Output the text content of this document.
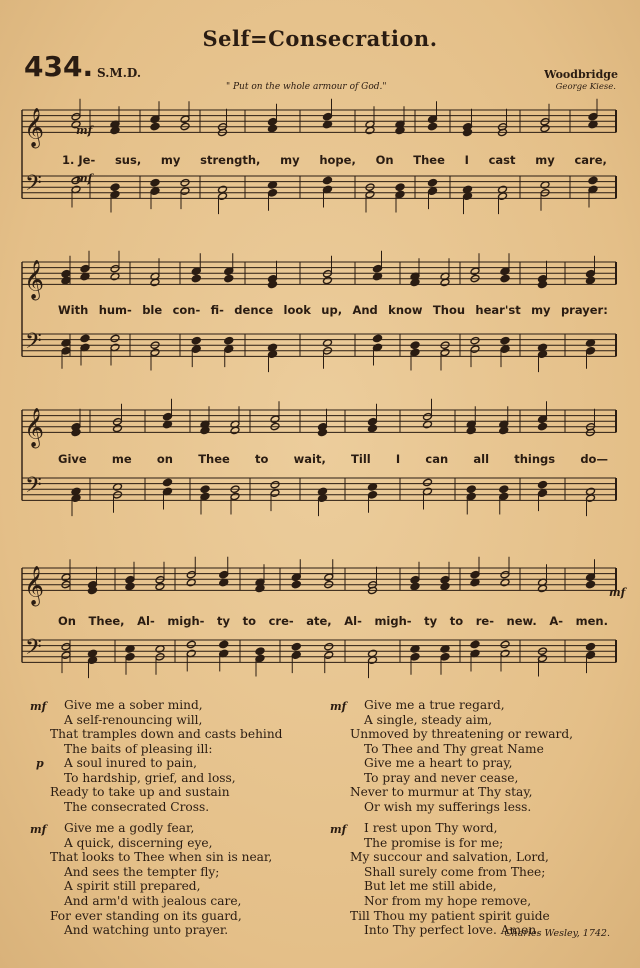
Self=Consecration.
434. S.M.D.
" Put on the whole armour of God."
Woodbridge
George Kiese.
𝄞
𝄢
𝄞
𝄢
𝄞
𝄢
𝄞
𝄢
1. Je- sus, my strength, my hope, On Thee I cast my care,
With hum- ble con- fi- dence look up, And know Thou hear'st my prayer:
Give me on Thee to wait, Till I can all things do—
On Thee, Al- migh- ty to cre- ate, Al- migh- ty to re- new. A- men.
mf
mf
mf
mf	Give me a sober mind,
A self-renouncing will,
That tramples down and casts behind
The baits of pleasing ill:
p	A soul inured to pain,
To hardship, grief, and loss,
Ready to take up and sustain
The consecrated Cross.
mf	Give me a true regard,
A single, steady aim,
Unmoved by threatening or reward,
To Thee and Thy great Name
Give me a heart to pray,
To pray and never cease,
Never to murmur at Thy stay,
Or wish my sufferings less.
mf	Give me a godly fear,
A quick, discerning eye,
That looks to Thee when sin is near,
And sees the tempter fly;
A spirit still prepared,
And arm'd with jealous care,
For ever standing on its guard,
And watching unto prayer.
mf	I rest upon Thy word,
The promise is for me;
My succour and salvation, Lord,
Shall surely come from Thee;
But let me still abide,
Nor from my hope remove,
Till Thou my patient spirit guide
Into Thy perfect love. Amen.
Charles Wesley, 1742.
